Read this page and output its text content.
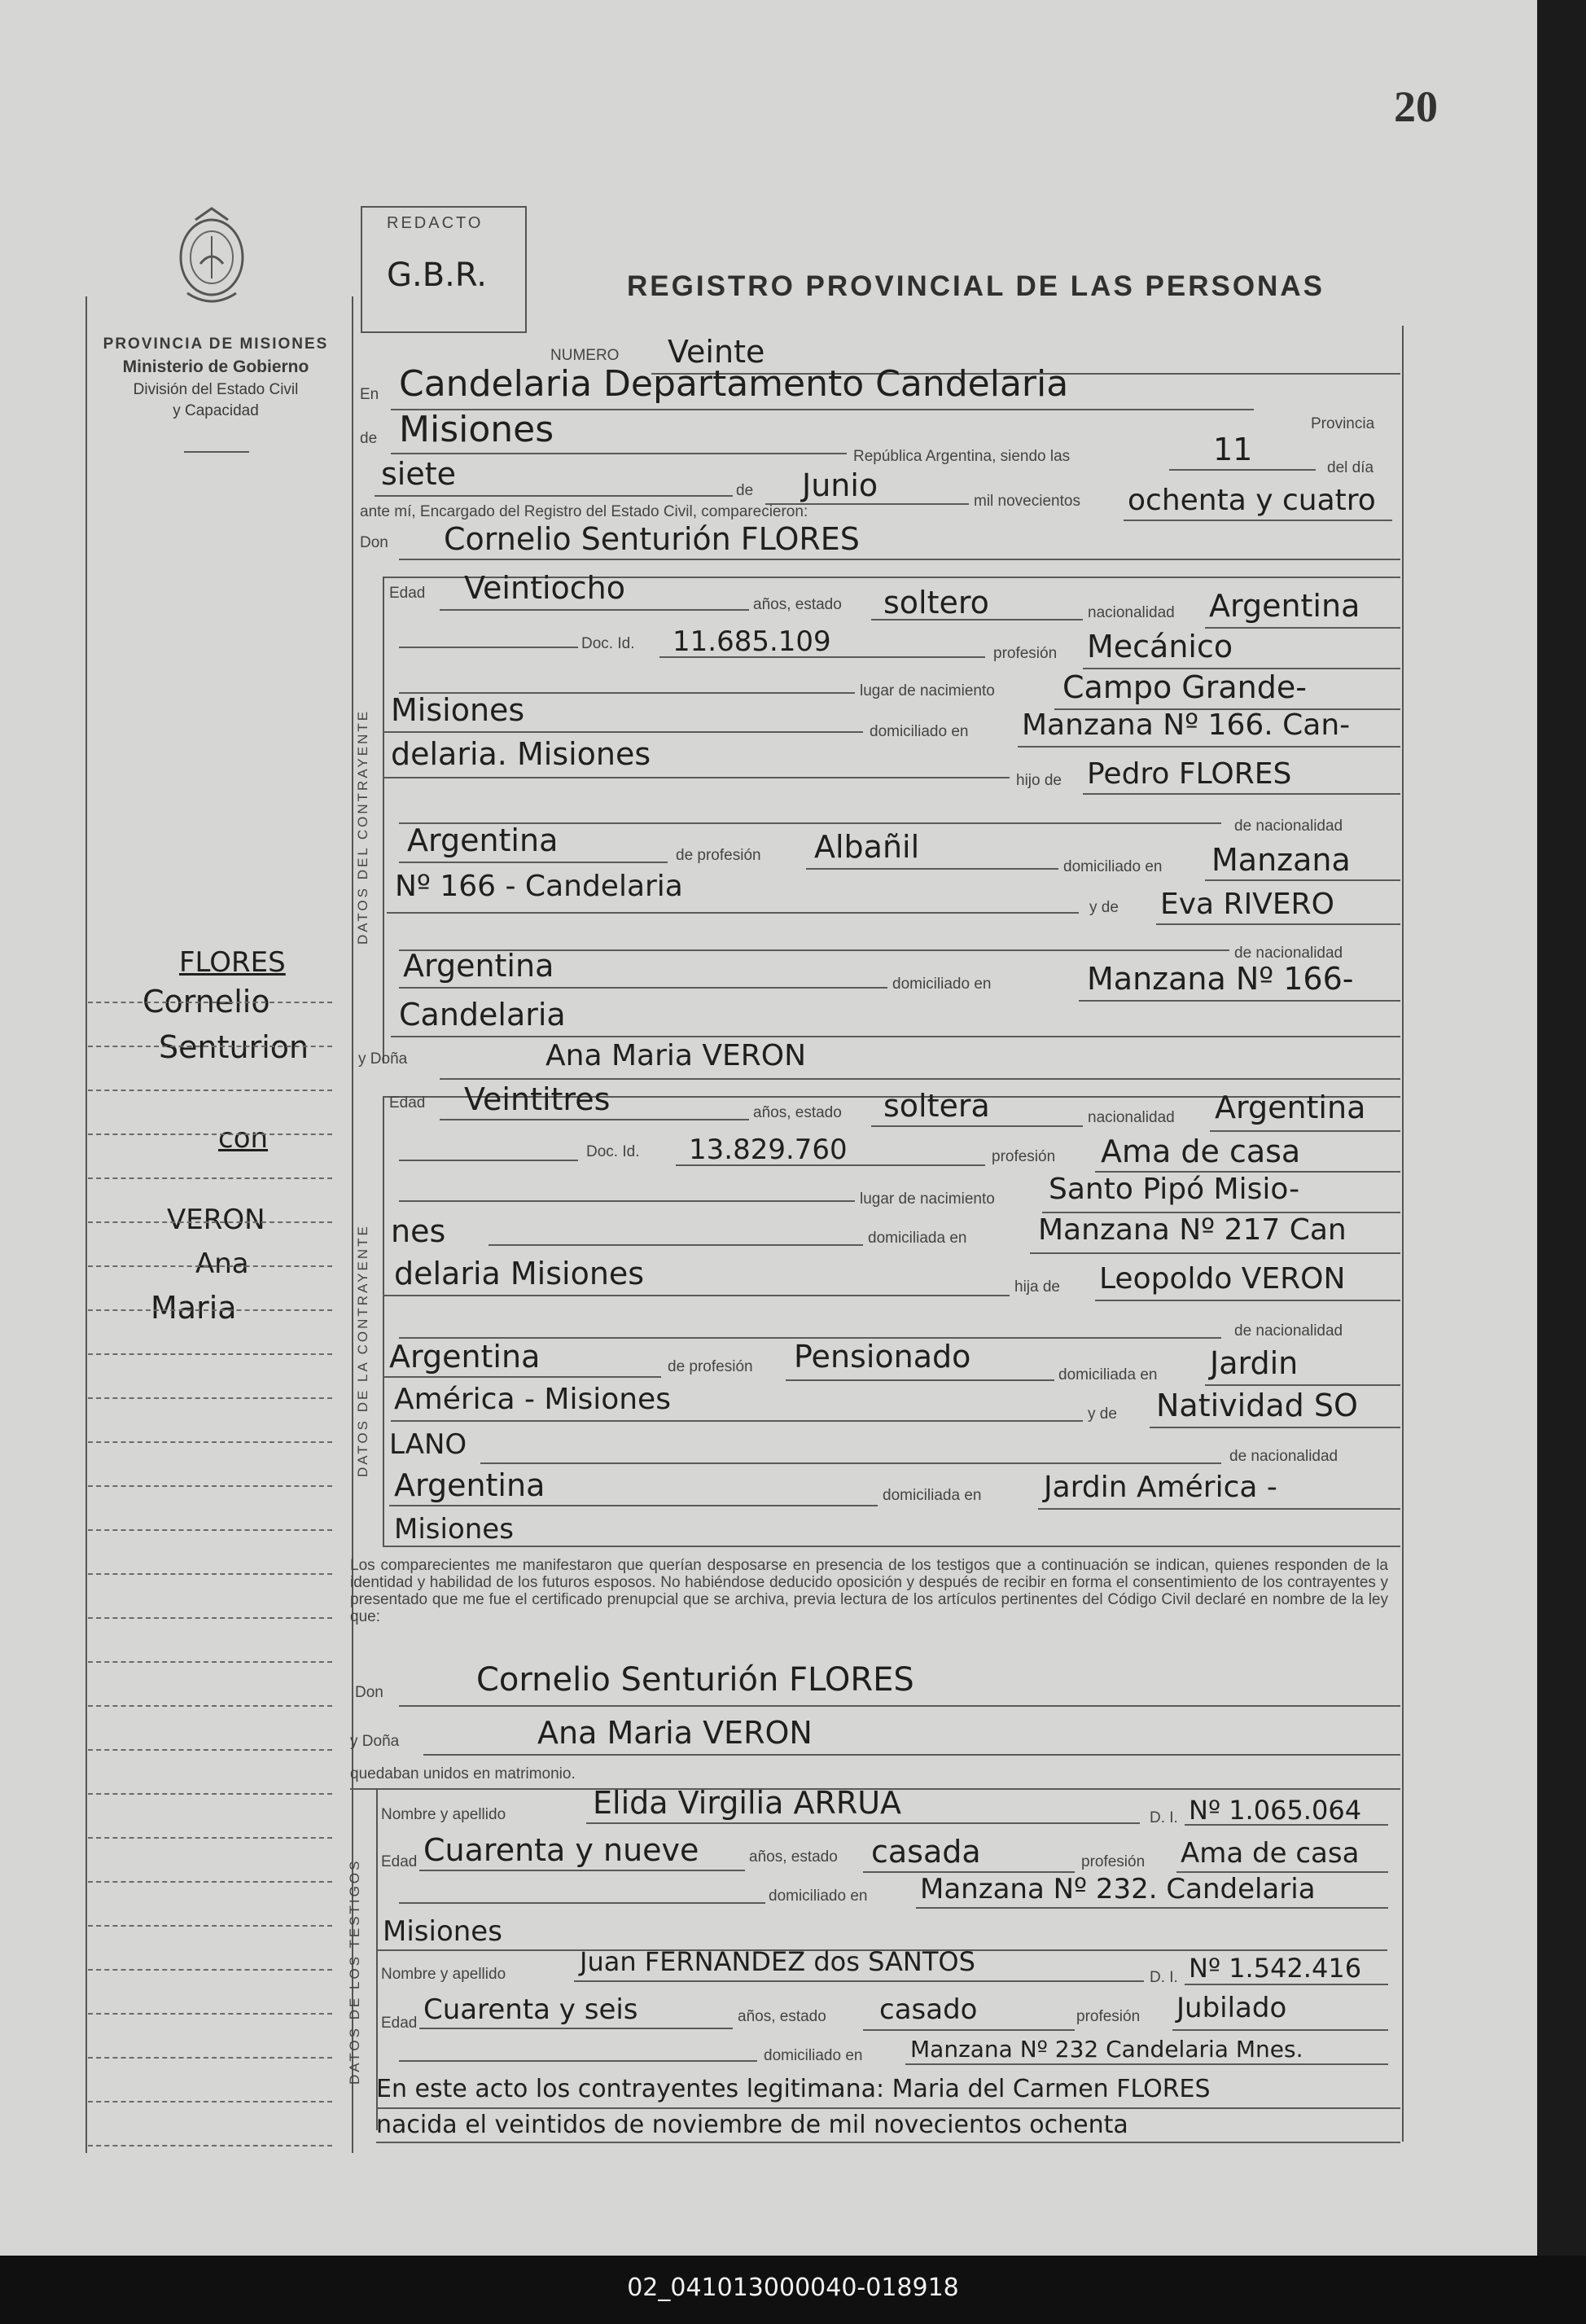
20
PROVINCIA DE MISIONES
Ministerio de Gobierno
División del Estado Civil
y Capacidad
FLORES
Cornelio
Senturion
con
VERON
Ana
Maria
REDACTO
G.B.R.	REGISTRO PROVINCIAL DE LAS PERSONAS
NUMERO Veinte
En Candelaria Departamento Candelaria
Provincia
de Misiones
República Argentina, siendo las	11
del día
siete	de Junio	mil novecientos ochenta y cuatro
ante mí, Encargado del Registro del Estado Civil, comparecieron:
Don Cornelio Senturión FLORES
DATOS DEL CONTRAYENTE
Edad Veintiocho	años, estado soltero	nacionalidad Argentina
Doc. Id. 11.685.109	profesión Mecánico
lugar de nacimiento Campo Grande-
Misiones
domiciliado en Manzana Nº 166. Can-
delaria. Misiones
hijo de Pedro FLORES
de nacionalidad
Argentina	de profesión Albañil
domiciliado en Manzana
Nº 166 - Candelaria
y de Eva RIVERO
de nacionalidad
Argentina
domiciliado en	Manzana Nº 166-
Candelaria
y Doña	Ana Maria VERON
DATOS DE LA CONTRAYENTE
Edad Veintitres	años, estado soltera	nacionalidad Argentina
Doc. Id. 13.829.760	profesión Ama de casa
lugar de nacimiento Santo Pipó Misio-
nes	domiciliada en Manzana Nº 217 Can
delaria Misiones	hija de Leopoldo VERON
de nacionalidad
Argentina	de profesión Pensionado
domiciliada en Jardin
América - Misiones	y de Natividad SO
LANO	de nacionalidad
Argentina	domiciliada en Jardin América -
Misiones
Los comparecientes me manifestaron que querían desposarse en presencia de los testigos que a continuación se indican, quienes responden de la identidad y habilidad de los futuros esposos. No habiéndose deducido oposición y después de recibir en forma el consentimiento de los contrayentes y presentado que me fue el certificado prenupcial que se archiva, previa lectura de los artículos pertinentes del Código Civil declaré en nombre de la ley que:
Don	Cornelio Senturión FLORES
y Doña	Ana Maria VERON
quedaban unidos en matrimonio.
DATOS DE LOS TESTIGOS
Nombre y apellido	Elida Virgilia ARRUA	D. I. Nº 1.065.064
Edad Cuarenta y nueve	años, estado casada	profesión Ama de casa
domiciliado en Manzana Nº 232. Candelaria
Misiones
Nombre y apellido	Juan FERNANDEZ dos SANTOS
D. I. Nº 1.542.416
Edad Cuarenta y seis	años, estado casado	profesión Jubilado
domiciliado en Manzana Nº 232 Candelaria Mnes.
En este acto los contrayentes legitimana: Maria del Carmen FLORES
nacida el veintidos de noviembre de mil novecientos ochenta
02_041013000040-018918
